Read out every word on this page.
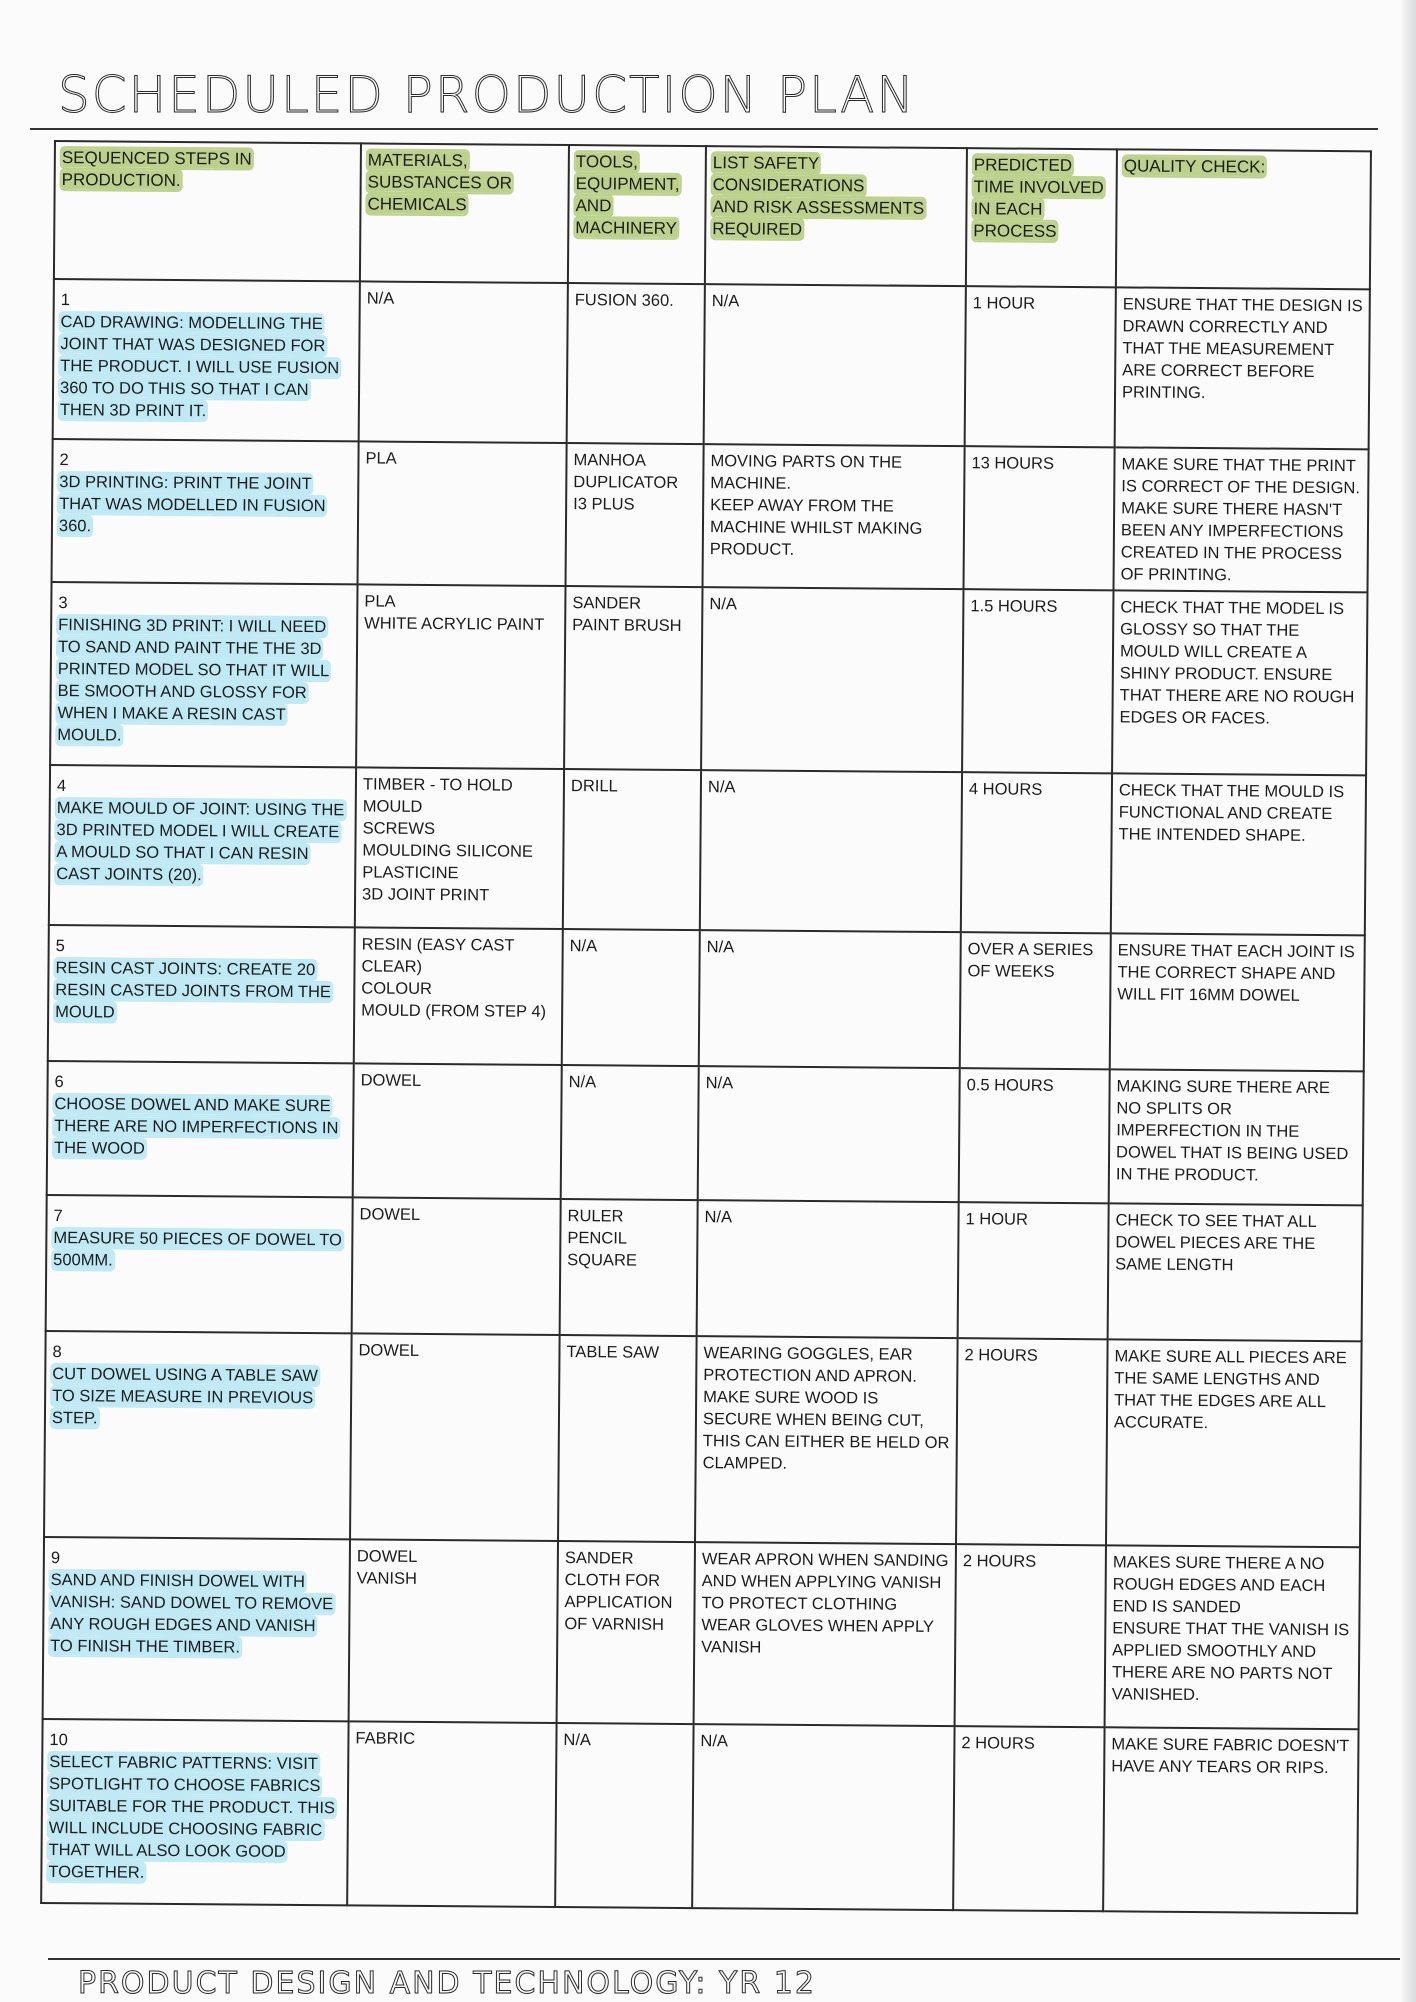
SCHEDULED PRODUCTION PLAN
SEQUENCED STEPS IN PRODUCTION.	MATERIALS, SUBSTANCES OR CHEMICALS	TOOLS, EQUIPMENT, AND MACHINERY	LIST SAFETY CONSIDERATIONS
AND RISK ASSESSMENTS REQUIRED	PREDICTED TIME INVOLVED IN EACH PROCESS	QUALITY CHECK:

1
CAD DRAWING: MODELLING THE JOINT THAT WAS DESIGNED FOR THE PRODUCT. I WILL USE FUSION 360 TO DO THIS SO THAT I CAN THEN 3D PRINT IT.	N/A	FUSION 360.	N/A	1 HOUR	ENSURE THAT THE DESIGN IS DRAWN CORRECTLY AND THAT THE MEASUREMENT ARE CORRECT BEFORE PRINTING.

2
3D PRINTING: PRINT THE JOINT THAT WAS MODELLED IN FUSION 360.	PLA	MANHOA DUPLICATOR I3 PLUS	MOVING PARTS ON THE MACHINE.
KEEP AWAY FROM THE MACHINE WHILST MAKING PRODUCT.	13 HOURS	MAKE SURE THAT THE PRINT IS CORRECT OF THE DESIGN. MAKE SURE THERE HASN'T BEEN ANY IMPERFECTIONS CREATED IN THE PROCESS OF PRINTING.

3
FINISHING 3D PRINT: I WILL NEED TO SAND AND PAINT THE THE 3D PRINTED MODEL SO THAT IT WILL BE SMOOTH AND GLOSSY FOR WHEN I MAKE A RESIN CAST MOULD.	PLA
WHITE ACRYLIC PAINT	SANDER
PAINT BRUSH	N/A	1.5 HOURS	CHECK THAT THE MODEL IS GLOSSY SO THAT THE MOULD WILL CREATE A SHINY PRODUCT. ENSURE THAT THERE ARE NO ROUGH EDGES OR FACES.

4
MAKE MOULD OF JOINT: USING THE 3D PRINTED MODEL I WILL CREATE A MOULD SO THAT I CAN RESIN CAST JOINTS (20).	TIMBER - TO HOLD MOULD
SCREWS
MOULDING SILICONE
PLASTICINE
3D JOINT PRINT	DRILL	N/A	4 HOURS	CHECK THAT THE MOULD IS FUNCTIONAL AND CREATE THE INTENDED SHAPE.

5
RESIN CAST JOINTS: CREATE 20 RESIN CASTED JOINTS FROM THE MOULD	RESIN (EASY CAST CLEAR)
COLOUR
MOULD (FROM STEP 4)	N/A	N/A	OVER A SERIES OF WEEKS	ENSURE THAT EACH JOINT IS THE CORRECT SHAPE AND WILL FIT 16MM DOWEL

6
CHOOSE DOWEL AND MAKE SURE THERE ARE NO IMPERFECTIONS IN THE WOOD	DOWEL	N/A	N/A	0.5 HOURS	MAKING SURE THERE ARE NO SPLITS OR IMPERFECTION IN THE DOWEL THAT IS BEING USED IN THE PRODUCT.

7
MEASURE 50 PIECES OF DOWEL TO 500MM.	DOWEL	RULER
PENCIL
SQUARE	N/A	1 HOUR	CHECK TO SEE THAT ALL DOWEL PIECES ARE THE SAME LENGTH

8
CUT DOWEL USING A TABLE SAW TO SIZE MEASURE IN PREVIOUS STEP.	DOWEL	TABLE SAW	WEARING GOGGLES, EAR PROTECTION AND APRON. MAKE SURE WOOD IS SECURE WHEN BEING CUT, THIS CAN EITHER BE HELD OR CLAMPED.	2 HOURS	MAKE SURE ALL PIECES ARE THE SAME LENGTHS AND THAT THE EDGES ARE ALL ACCURATE.

9
SAND AND FINISH DOWEL WITH VANISH: SAND DOWEL TO REMOVE ANY ROUGH EDGES AND VANISH TO FINISH THE TIMBER.	DOWEL
VANISH	SANDER
CLOTH FOR APPLICATION OF VARNISH	WEAR APRON WHEN SANDING AND WHEN APPLYING VANISH TO PROTECT CLOTHING
WEAR GLOVES WHEN APPLY VANISH	2 HOURS	MAKES SURE THERE A NO ROUGH EDGES AND EACH END IS SANDED
ENSURE THAT THE VANISH IS APPLIED SMOOTHLY AND THERE ARE NO PARTS NOT VANISHED.

10
SELECT FABRIC PATTERNS: VISIT SPOTLIGHT TO CHOOSE FABRICS SUITABLE FOR THE PRODUCT. THIS WILL INCLUDE CHOOSING FABRIC THAT WILL ALSO LOOK GOOD TOGETHER.	FABRIC	N/A	N/A	2 HOURS	MAKE SURE FABRIC DOESN'T HAVE ANY TEARS OR RIPS.
PRODUCT DESIGN AND TECHNOLOGY: YR 12
